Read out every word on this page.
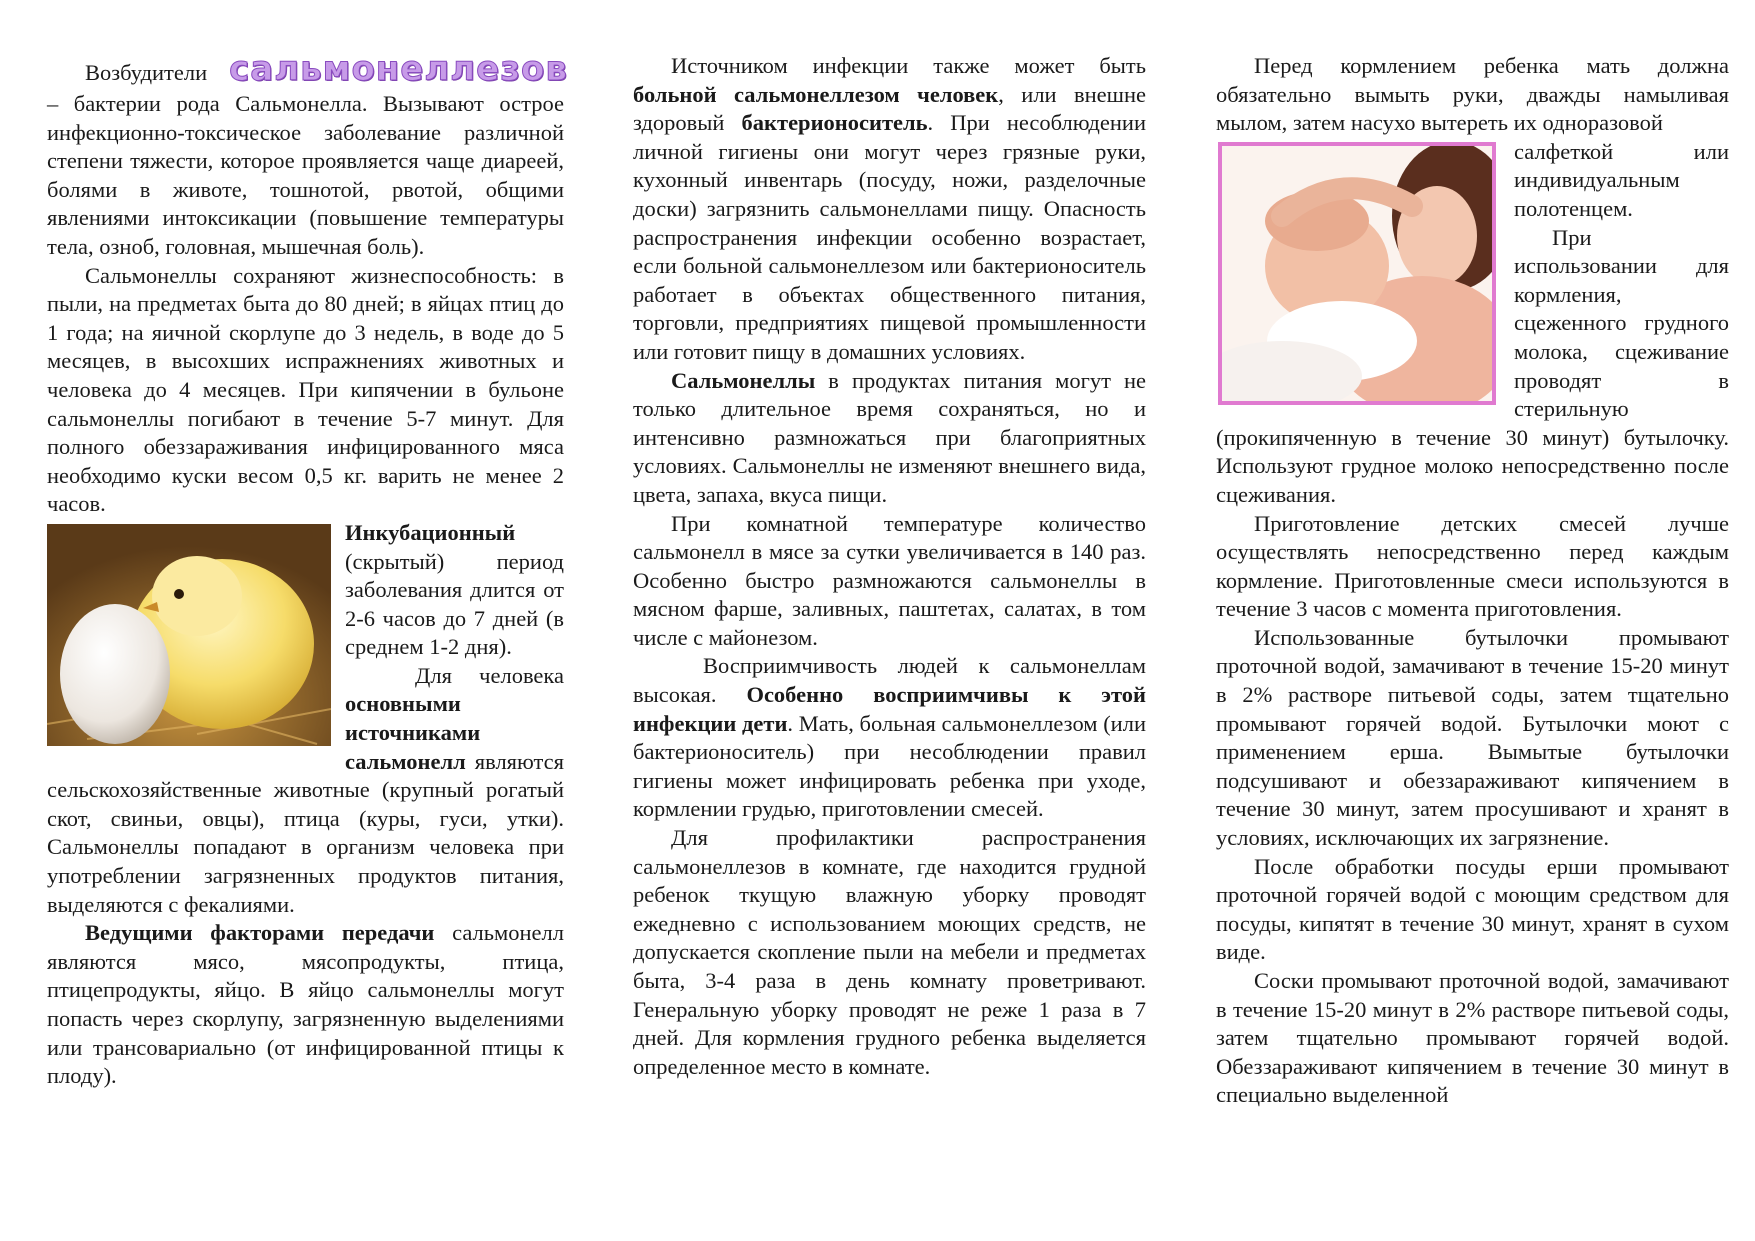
Возбудители сальмонеллезов

– бактерии рода Сальмонелла. Вызывают острое инфекционно-токсическое заболевание различной степени тяжести, которое проявляется чаще диареей, болями в животе, тошнотой, рвотой, общими явлениями интоксикации (повышение температуры тела, озноб, головная, мышечная боль).

Сальмонеллы сохраняют жизнеспособность: в пыли, на предметах быта до 80 дней; в яйцах птиц до 1 года; на яичной скорлупе до 3 недель, в воде до 5 месяцев, в высохших испражнениях животных и человека до 4 месяцев. При кипячении в бульоне сальмонеллы погибают в течение 5-7 минут. Для полного обеззараживания инфицированного мяса необходимо куски весом 0,5 кг. варить не менее 2 часов.

Инкубационный (скрытый) период заболевания длится от 2-6 часов до 7 дней (в среднем 1-2 дня).

Для человека основными источниками сальмонелл являются сельскохозяйственные животные (крупный рогатый скот, свиньи, овцы), птица (куры, гуси, утки). Сальмонеллы попадают в организм человека при употреблении загрязненных продуктов питания, выделяются с фекалиями.

Ведущими факторами передачи сальмонелл являются мясо, мясопродукты, птица, птицепродукты, яйцо. В яйцо сальмонеллы могут попасть через скорлупу, загрязненную выделениями или трансовариально (от инфицированной птицы к плоду).

Источником инфекции также может быть больной сальмонеллезом человек, или внешне здоровый бактерионоситель. При несоблюдении личной гигиены они могут через грязные руки, кухонный инвентарь (посуду, ножи, разделочные доски) загрязнить сальмонеллами пищу. Опасность распространения инфекции особенно возрастает, если больной сальмонеллезом или бактерионоситель работает в объектах общественного питания, торговли, предприятиях пищевой промышленности или готовит пищу в домашних условиях.

Сальмонеллы в продуктах питания могут не только длительное время сохраняться, но и интенсивно размножаться при благоприятных условиях. Сальмонеллы не изменяют внешнего вида, цвета, запаха, вкуса пищи.

При комнатной температуре количество сальмонелл в мясе за сутки увеличивается в 140 раз. Особенно быстро размножаются сальмонеллы в мясном фарше, заливных, паштетах, салатах, в том числе с майонезом.

Восприимчивость людей к сальмонеллам высокая. Особенно восприимчивы к этой инфекции дети. Мать, больная сальмонеллезом (или бактерионоситель) при несоблюдении правил гигиены может инфицировать ребенка при уходе, кормлении грудью, приготовлении смесей.

Для профилактики распространения сальмонеллезов в комнате, где находится грудной ребенок ткущую влажную уборку проводят ежедневно с использованием моющих средств, не допускается скопление пыли на мебели и предметах быта, 3-4 раза в день комнату проветривают. Генеральную уборку проводят не реже 1 раза в 7 дней. Для кормления грудного ребенка выделяется определенное место в комнате.

Перед кормлением ребенка мать должна обязательно вымыть руки, дважды намыливая мылом, затем насухо вытереть их одноразовой

салфеткой или индивидуальным полотенцем.

При использовании для кормления, сцеженного грудного молока, сцеживание проводят в стерильную (прокипяченную в течение 30 минут) бутылочку. Используют грудное молоко непосредственно после сцеживания.

Приготовление детских смесей лучше осуществлять непосредственно перед каждым кормление. Приготовленные смеси используются в течение 3 часов с момента приготовления.

Использованные бутылочки промывают проточной водой, замачивают в течение 15-20 минут в 2% растворе питьевой соды, затем тщательно промывают горячей водой. Бутылочки моют с применением ерша. Вымытые бутылочки подсушивают и обеззараживают кипячением в течение 30 минут, затем просушивают и хранят в условиях, исключающих их загрязнение.

После обработки посуды ерши промывают проточной горячей водой с моющим средством для посуды, кипятят в течение 30 минут, хранят в сухом виде.

Соски промывают проточной водой, замачивают в течение 15-20 минут в 2% растворе питьевой соды, затем тщательно промывают горячей водой. Обеззараживают кипячением в течение 30 минут в специально выделенной
